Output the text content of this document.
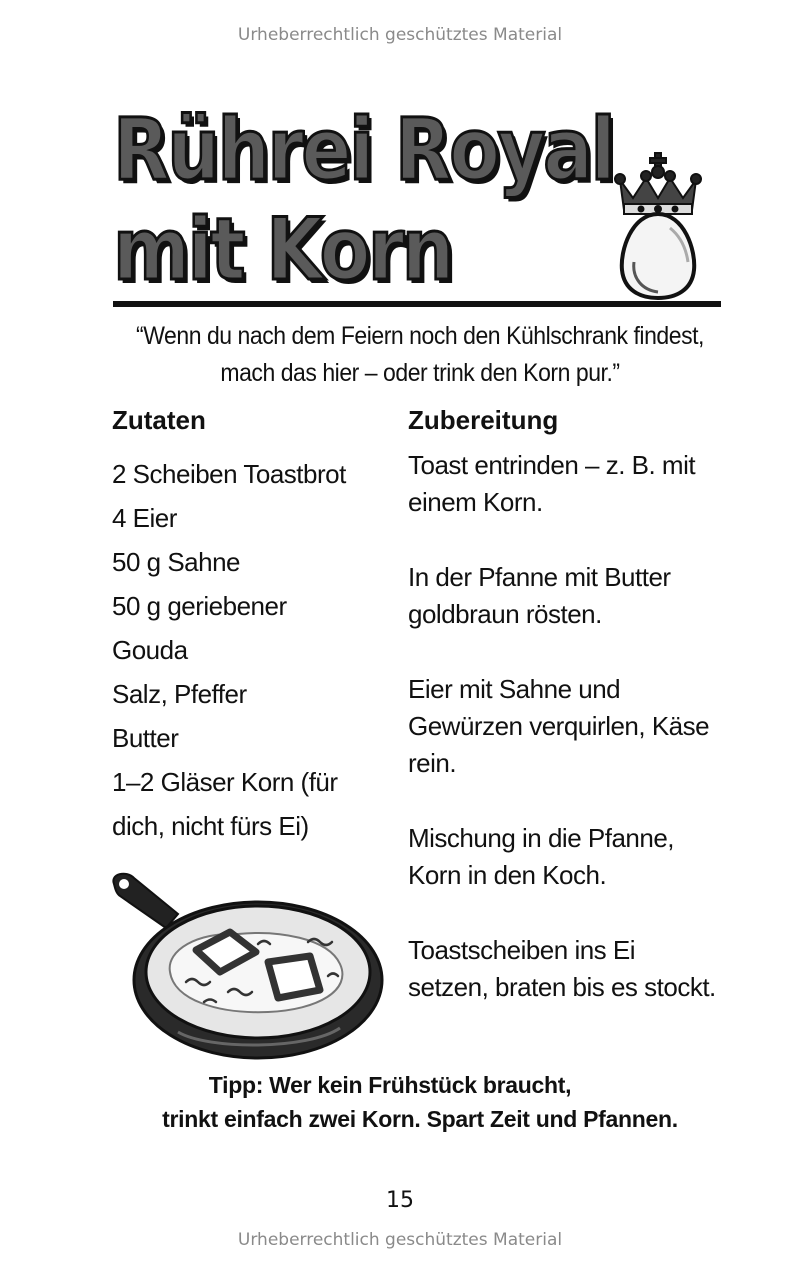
Urheberrechtlich geschütztes Material
Rührei Royal
mit Korn
“Wenn du nach dem Feiern noch den Kühlschrank findest, mach das hier – oder trink den Korn pur.”
Zutaten	Zubereitung
2 Scheiben Toastbrot
4 Eier
50 g Sahne
50 g geriebener Gouda
Salz, Pfeffer
Butter
1–2 Gläser Korn (für dich, nicht fürs Ei)
Toast entrinden – z. B. mit einem Korn.
In der Pfanne mit Butter goldbraun rösten.
Eier mit Sahne und Gewürzen verquirlen, Käse rein.
Mischung in die Pfanne, Korn in den Koch.
Toastscheiben ins Ei setzen, braten bis es stockt.
Tipp: Wer kein Frühstück braucht,
trinkt einfach zwei Korn. Spart Zeit und Pfannen.
15
Urheberrechtlich geschütztes Material
